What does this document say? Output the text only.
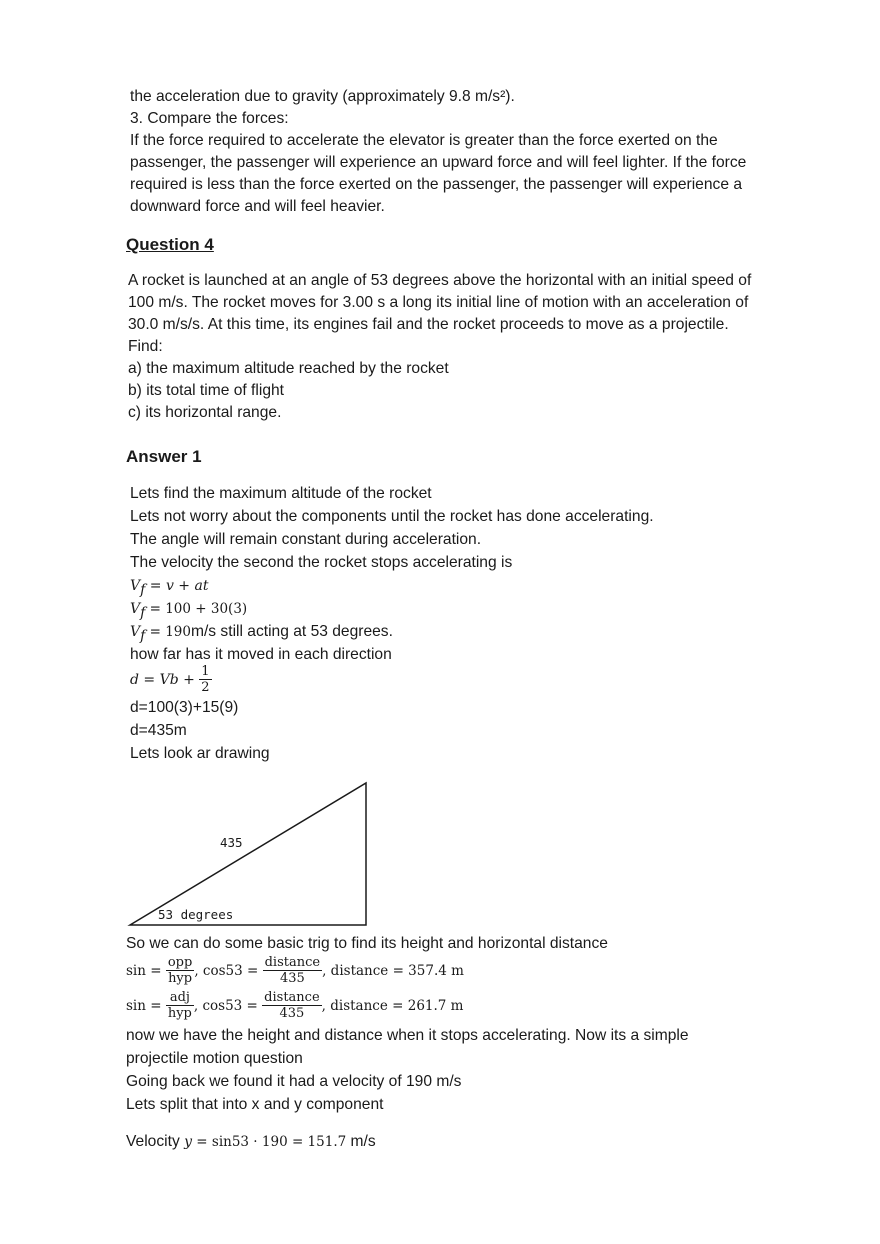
the acceleration due to gravity (approximately 9.8 m/s²).
3. Compare the forces:
If the force required to accelerate the elevator is greater than the force exerted on the
passenger, the passenger will experience an upward force and will feel lighter. If the force
required is less than the force exerted on the passenger, the passenger will experience a
downward force and will feel heavier.
Question 4
A rocket is launched at an angle of 53 degrees above the horizontal with an initial speed of
100 m/s. The rocket moves for 3.00 s a long its initial line of motion with an acceleration of
30.0 m/s/s. At this time, its engines fail and the rocket proceeds to move as a projectile.
Find:
a) the maximum altitude reached by the rocket
b) its total time of flight
c) its horizontal range.
Answer 1
Lets find the maximum altitude of the rocket
Lets not worry about the components until the rocket has done accelerating.
The angle will remain constant during acceleration.
The velocity the second the rocket stops accelerating is
$V_f = v$ + at
$V_f = 100 + 30(3)$
$V_f = 190m/s$ still acting at 53 degrees.
how far has it moved in each direction
$d = Vb + \frac{1}{2}$
d=100(3)+15(9)
d=435m
Lets look ar drawing
435
53 degrees
So we can do some basic trig to find its height and horizontal distance
$\sin = \frac{\text{opp}}{\text{hyp}}$ , $\cos 53 = \frac{\text{distance}}{435}$ , distance = 357.4 m
$\sin = \frac{\text{adj}}{\text{hyp}}$ , $\cos 53 = \frac{\text{distance}}{435}$ , distance = 261.7 m
now we have the height and distance when it stops accelerating. Now its a simple
projectile motion question
Going back we found it had a velocity of 190 m/s
Lets split that into x and y component
Velocity y = sin53 · 190 = 151.7 m/s
